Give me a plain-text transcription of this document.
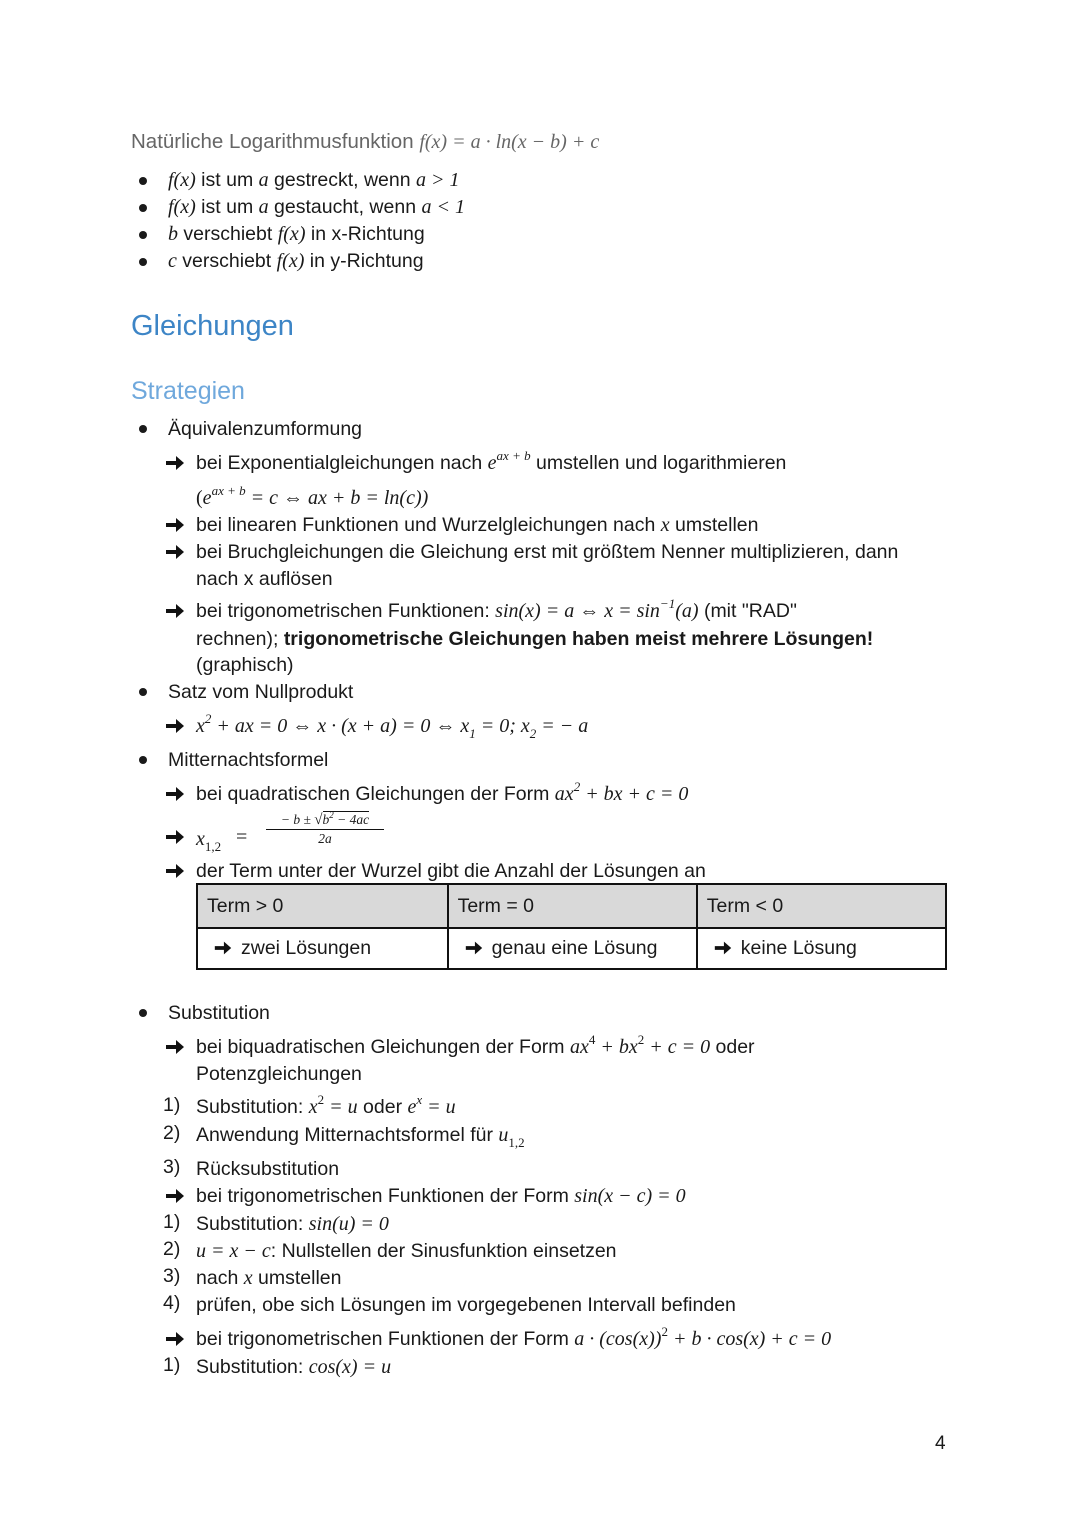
Natürliche Logarithmusfunktion f(x) = a · ln(x − b) + c
f(x) ist um a gestreckt, wenn a > 1
f(x) ist um a gestaucht, wenn a < 1
b verschiebt f(x) in x-Richtung
c verschiebt f(x) in y-Richtung
Gleichungen
Strategien
Äquivalenzumformung
bei Exponentialgleichungen nach $e^{ax + b}$ umstellen und logarithmieren
($e^{ax + b} = c$ ⇔ ax + b = ln(c))
bei linearen Funktionen und Wurzelgleichungen nach x umstellen
bei Bruchgleichungen die Gleichung erst mit größtem Nenner multiplizieren, dann
nach x auflösen
bei trigonometrischen Funktionen: sin(x) = a ⇔ $x = \sin^{-1}(a)$ (mit "RAD"
rechnen); trigonometrische Gleichungen haben meist mehrere Lösungen!
(graphisch)
Satz vom Nullprodukt
$x^2$ + ax = 0 ⇔ x · (x + a) = 0 ⇔ $x_1 = 0$; $x_2$ = − a
Mitternachtsformel
bei quadratischen Gleichungen der Form $ax^2$ + bx + c = 0
$x_{1,2}$ =
− $b \pm √b^2 - 4ac$
2a
der Term unter der Wurzel gibt die Anzahl der Lösungen an
Term > 0	Term = 0	Term < 0
zwei Lösungen	genau eine Lösung	keine Lösung
Substitution
bei biquadratischen Gleichungen der Form $ax^4 + bx^2 + c = 0$ oder
Potenzgleichungen
1) Substitution: $x^2 = u$ oder $e^x = u$
2) Anwendung Mitternachtsformel für $u_{1,2}$
3) Rücksubstitution
bei trigonometrischen Funktionen der Form sin(x − c) = 0
1) Substitution: sin(u) = 0
2) u = x − c: Nullstellen der Sinusfunktion einsetzen
3) nach x umstellen
4) prüfen, obe sich Lösungen im vorgegebenen Intervall befinden
bei trigonometrischen Funktionen der Form $a \cdot (\cos(x))^2 + b \cdot \cos(x) + c = 0$
1) Substitution: cos(x) = u
4
